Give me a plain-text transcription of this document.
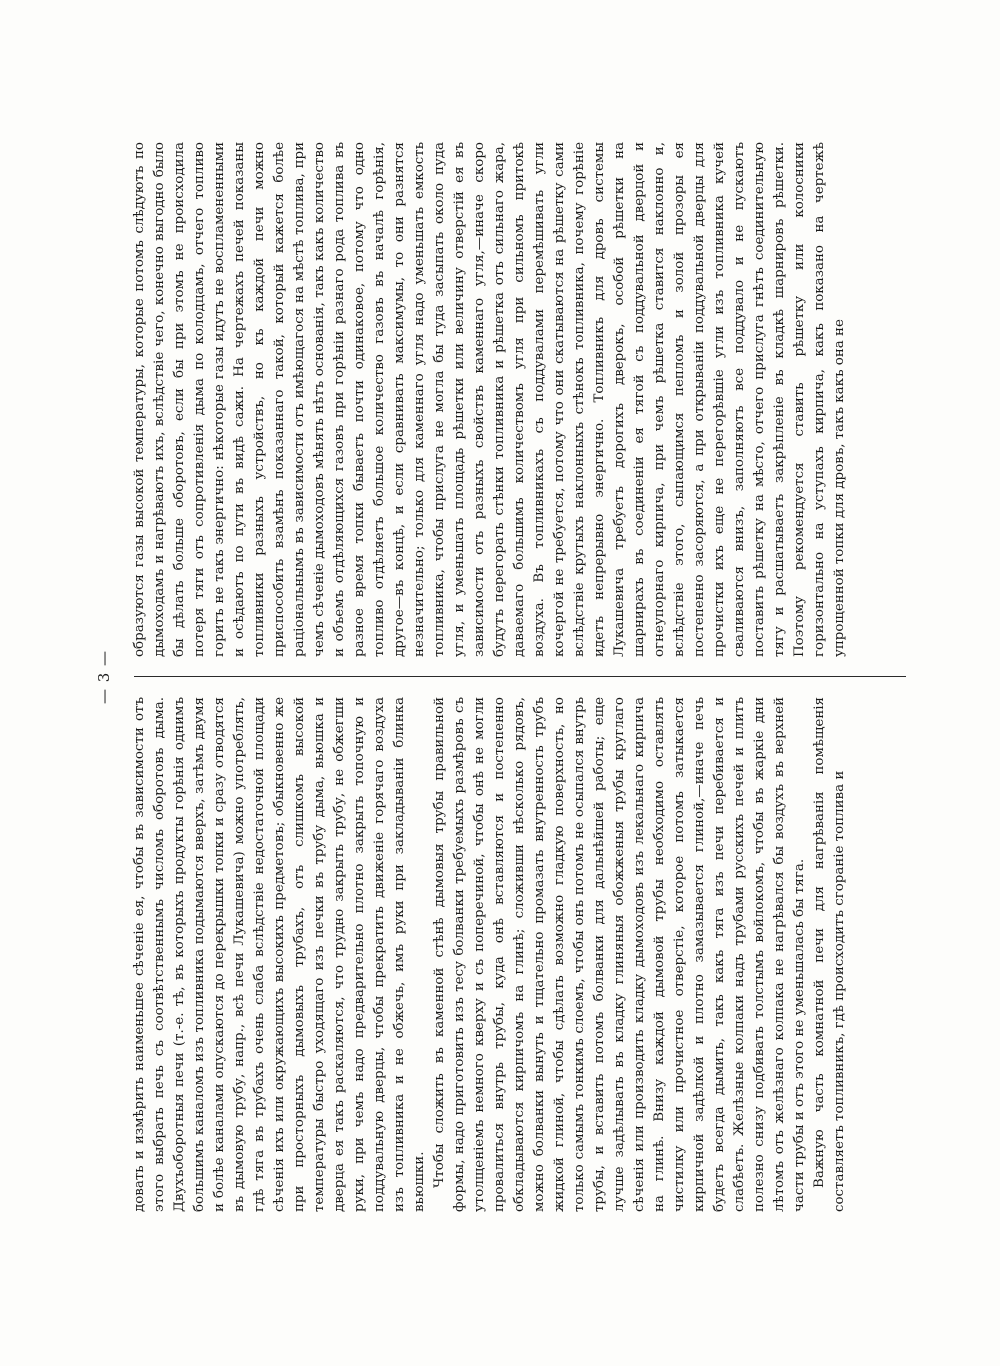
— 3 —

довать и измѣрить наименьшее сѣченіе ея, чтобы въ зависимости отъ этого выбрать печь съ соотвѣтственнымъ числомъ оборотовъ дыма. Двухъоборотныя печи (т.-е. тѣ, въ которыхъ продукты горѣнія однимъ большимъ каналомъ изъ топливника подымаются вверхъ, затѣмъ двумя и болѣе каналами опускаются до перекрышки топки и сразу отводятся въ дымовую трубу, напр., всѣ печи Лукашевича) можно употреблять, гдѣ тяга въ трубахъ очень слаба вслѣдствіе недостаточной площади сѣченія ихъ или окружающихъ высокихъ предметовъ; обыкновенно же при просторныхъ дымовыхъ трубахъ, отъ слишкомъ высокой температуры быстро уходящаго изъ печки въ трубу дыма, вьюшка и дверца ея такъ раскаляются, что трудно закрыть трубу, не обжегши руки, при чемъ надо предварительно плотно закрыть топочную и поддувальную дверцы, чтобы прекратить движеніе горячаго воздуха изъ топливника и не обжечь, имъ руки при закладываніи блинка вьюшки. Чтобы сложить въ каменной стѣнѣ дымовыя трубы правильной формы, надо приготовить изъ тесу болванки требуемыхъ размѣровъ съ утолщеніемъ немного кверху и съ поперечиной, чтобы онѣ не могли провалиться внутрь трубы, куда онѣ вставляются и постепенно обкладываются кирпичомъ на глинѣ; сложивши нѣсколько рядовъ, можно болванки вынуть и тщательно промазать внутренность трубъ жидкой глиной, чтобы сдѣлать возможно гладкую поверхность, но только самымъ тонкимъ слоемъ, чтобы онъ потомъ не осыпался внутрь трубы, и вставить потомъ болванки для дальнѣйшей работы; еще лучше задѣлывать въ кладку глиняныя обожженыя трубы круглаго сѣченія или производить кладку дымоходовъ изъ лекальнаго кирпича на глинѣ. Внизу каждой дымовой трубы необходимо оставлять чистилку или прочистное отверстіе, которое потомъ затыкается кирпичной задѣлкой и плотно замазывается глиной,—иначе печь будетъ всегда дымить, такъ какъ тяга изъ печи перебивается и слабѣетъ. Желѣзные колпаки надъ трубами русскихъ печей и плитъ полезно снизу подбивать толстымъ войлокомъ, чтобы въ жаркіе дни лѣтомъ отъ желѣзнаго колпака не нагрѣвался бы воздухъ въ верхней части трубы и отъ этого не уменьшалась бы тяга. Важную часть комнатной печи для нагрѣванія помѣщенія составляетъ топливникъ, гдѣ происходитъ сгораніе топлива и

образуются газы высокой температуры, которые потомъ слѣдуютъ по дымоходамъ и нагрѣваютъ ихъ, вслѣдствіе чего, конечно выгодно было бы дѣлать больше оборотовъ, если бы при этомъ не происходила потеря тяги отъ сопротивленія дыма по колодцамъ, отчего топливо горитъ не такъ энергично: нѣкоторые газы идутъ не воспламененными и осѣдаютъ по пути въ видѣ сажи. На чертежахъ печей показаны топливники разныхъ устройствъ, но къ каждой печи можно приспособить взамѣнъ показаннаго такой, который кажется болѣе раціональнымъ въ зависимости отъ имѣющагося на мѣстѣ топлива, при чемъ сѣченіе дымоходовъ мѣнять нѣтъ основанія, такъ какъ количество и объемъ отдѣляющихся газовъ при горѣніи разнаго рода топлива въ разное время топки бываетъ почти одинаковое, потому что одно топливо отдѣляетъ большое количество газовъ въ началѣ горѣнія, другое—въ концѣ, и если сравнивать максимумы, то они разнятся незначительно; только для каменнаго угля надо уменьшать емкость топливника, чтобы прислуга не могла бы туда засыпать около пуда угля, и уменьшать площадь рѣшетки или величину отверстій ея въ зависимости отъ разныхъ свойствъ каменнаго угля,—иначе скоро будутъ перегорать стѣнки топливника и рѣшетка отъ сильнаго жара, даваемаго большимъ количествомъ угля при сильномъ притокѣ воздуха. Въ топливникахъ съ поддувалами перемѣшивать угли кочергой не требуется, потому что они скатываются на рѣшетку сами вслѣдствіе крутыхъ наклонныхъ стѣнокъ топливника, почему горѣніе идетъ непрерывно энергично. Топливникъ для дровъ системы Лукашевича требуетъ дорогихъ дверокъ, особой рѣшетки на шарнирахъ въ соединеніи ея тягой съ поддувальной дверцой и огнеупорнаго кирпича, при чемъ рѣшетка ставится наклонно и, вслѣдствіе этого, сыпающимся пепломъ и золой прозоры ея постепенно засоряются, а при открываніи поддувальной дверцы для прочистки ихъ еще не перегорѣвшіе угли изъ топливника кучей сваливаются внизъ, заполняютъ все поддувало и не пускаютъ поставить рѣшетку на мѣсто, отчего прислуга гнѣтъ соединительную тягу и расшатываетъ закрѣпленіе въ кладкѣ шарнировъ рѣшетки. Поэтому рекомендуется ставить рѣшетку или колосники горизонтально на уступахъ кирпича, какъ показано на чертежѣ упрощенной топки для дровъ, такъ какъ она не
